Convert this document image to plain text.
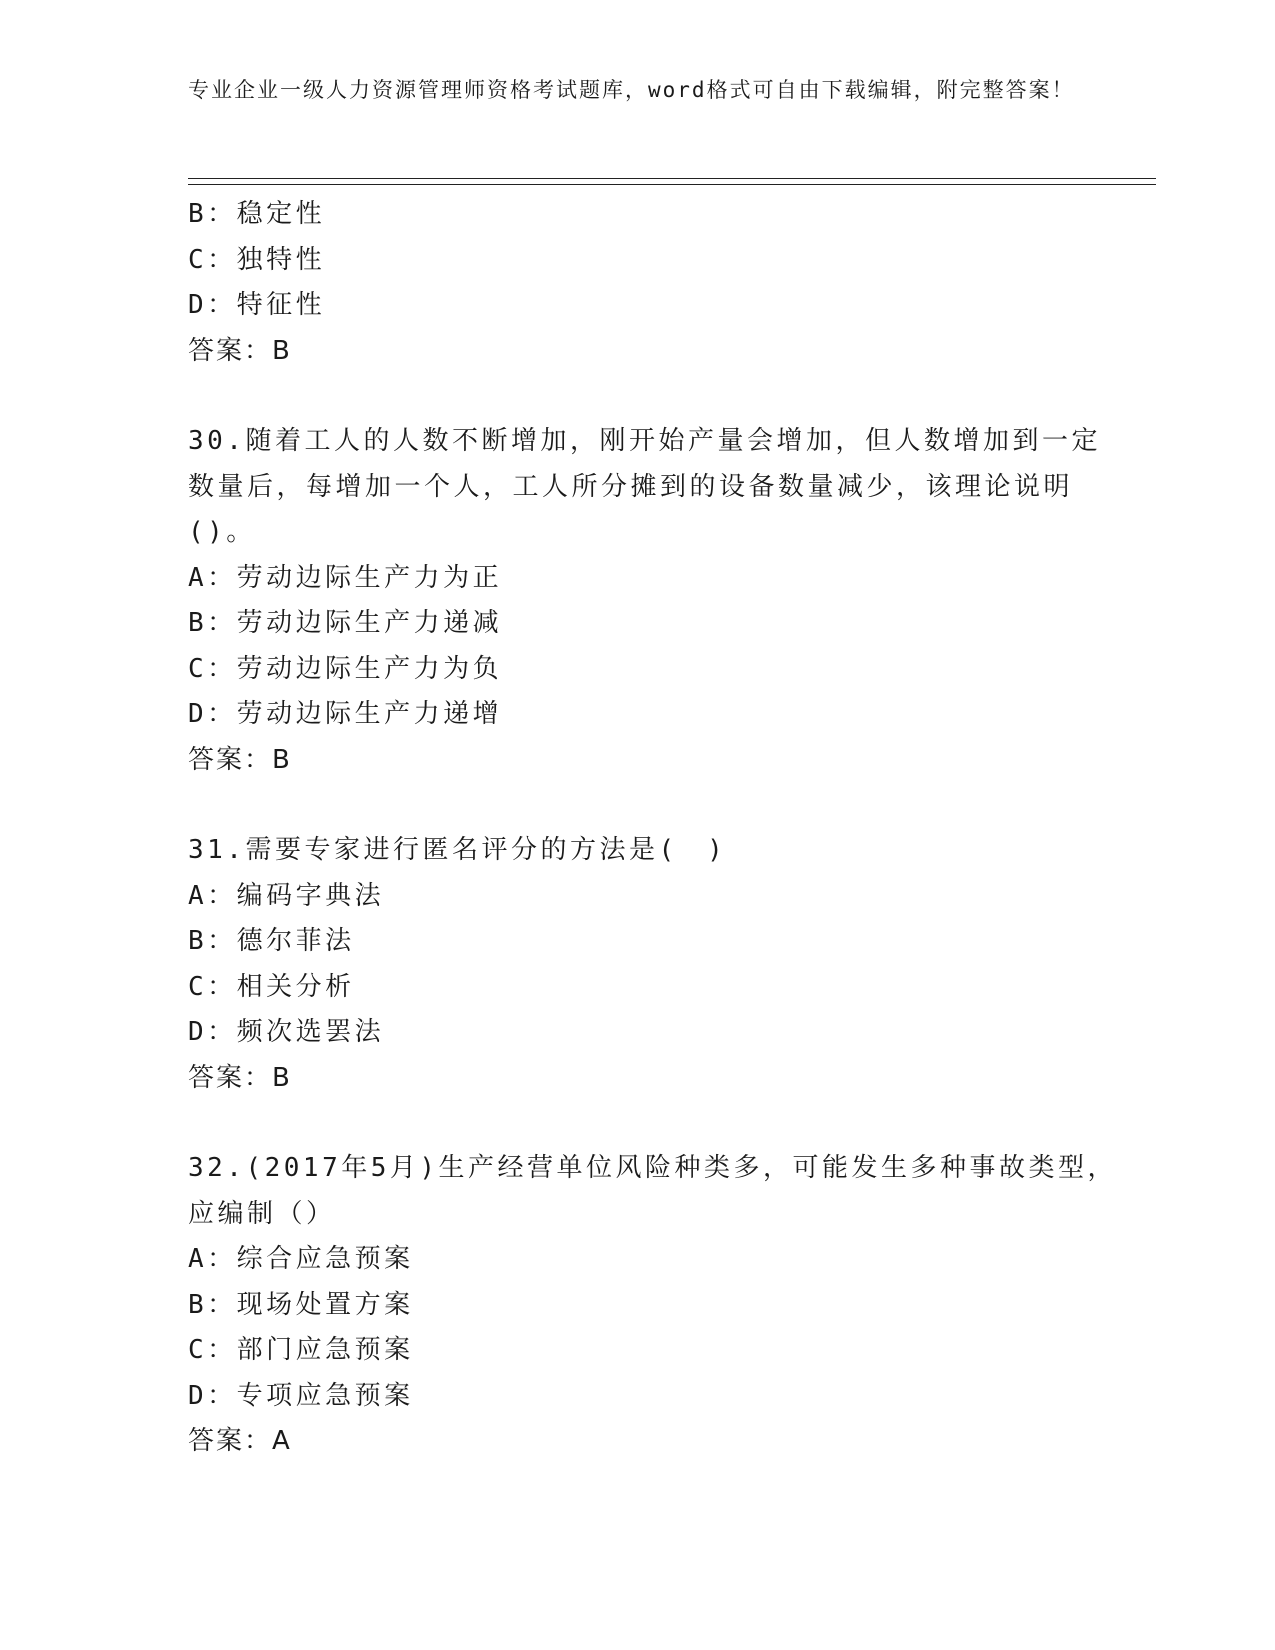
专业企业一级人力资源管理师资格考试题库，word格式可自由下载编辑，附完整答案！
B：稳定性
C：独特性
D：特征性
答案：B
30.随着工人的人数不断增加，刚开始产量会增加，但人数增加到一定
数量后，每增加一个人，工人所分摊到的设备数量减少，该理论说明
()。
A：劳动边际生产力为正
B：劳动边际生产力递减
C：劳动边际生产力为负
D：劳动边际生产力递增
答案：B
31.需要专家进行匿名评分的方法是(　)
A：编码字典法
B：德尔菲法
C：相关分析
D：频次选罢法
答案：B
32.(2017年5月)生产经营单位风险种类多，可能发生多种事故类型，
应编制（）
A：综合应急预案
B：现场处置方案
C：部门应急预案
D：专项应急预案
答案：A
